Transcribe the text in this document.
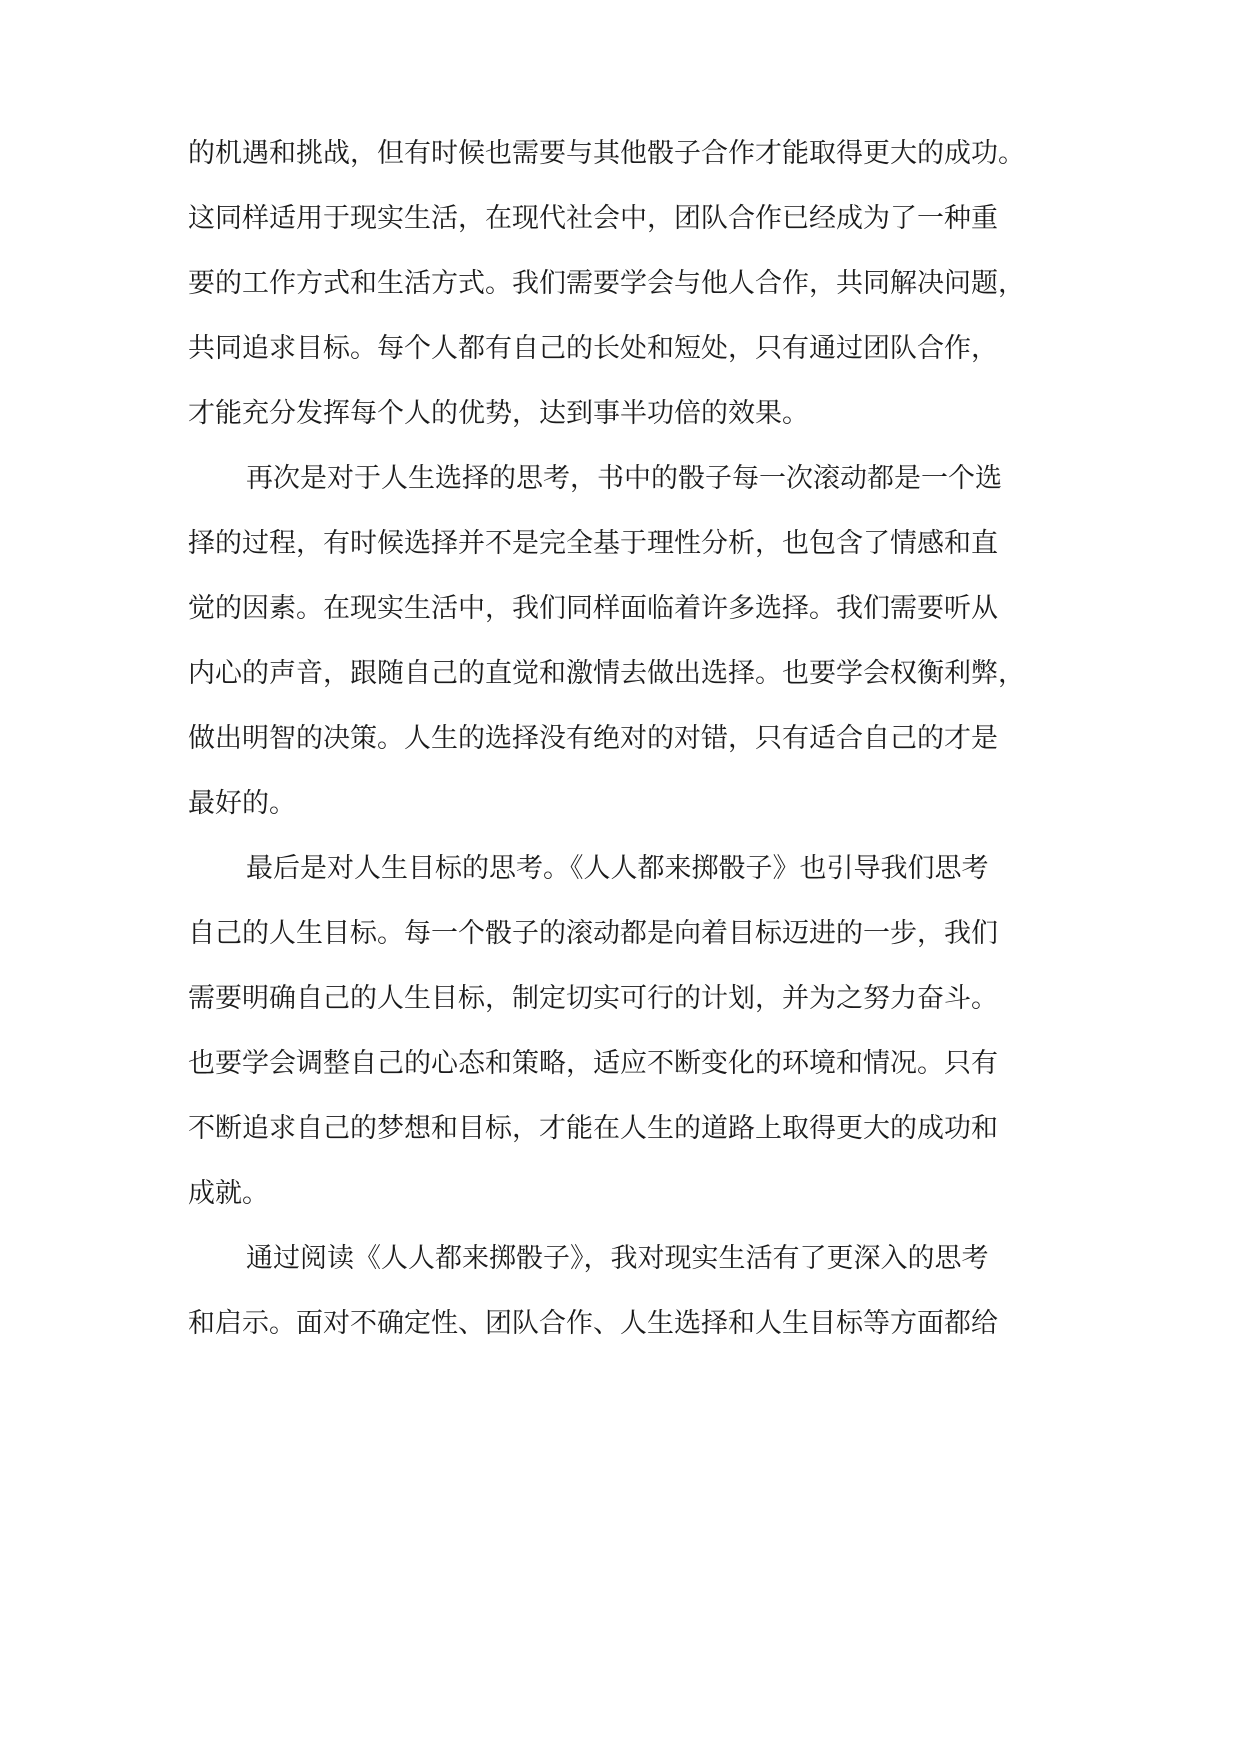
的机遇和挑战，但有时候也需要与其他骰子合作才能取得更大的成功。
这同样适用于现实生活，在现代社会中，团队合作已经成为了一种重
要的工作方式和生活方式。我们需要学会与他人合作，共同解决问题，
共同追求目标。每个人都有自己的长处和短处，只有通过团队合作，
才能充分发挥每个人的优势，达到事半功倍的效果。
再次是对于人生选择的思考，书中的骰子每一次滚动都是一个选
择的过程，有时候选择并不是完全基于理性分析，也包含了情感和直
觉的因素。在现实生活中，我们同样面临着许多选择。我们需要听从
内心的声音，跟随自己的直觉和激情去做出选择。也要学会权衡利弊，
做出明智的决策。人生的选择没有绝对的对错，只有适合自己的才是
最好的。
最后是对人生目标的思考。《人人都来掷骰子》也引导我们思考
自己的人生目标。每一个骰子的滚动都是向着目标迈进的一步，我们
需要明确自己的人生目标，制定切实可行的计划，并为之努力奋斗。
也要学会调整自己的心态和策略，适应不断变化的环境和情况。只有
不断追求自己的梦想和目标，才能在人生的道路上取得更大的成功和
成就。
通过阅读《人人都来掷骰子》，我对现实生活有了更深入的思考
和启示。面对不确定性、团队合作、人生选择和人生目标等方面都给
